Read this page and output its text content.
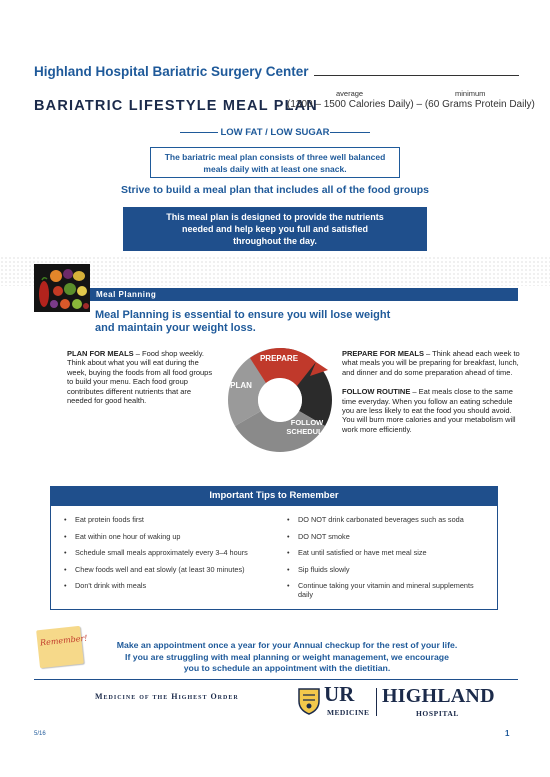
Highland Hospital Bariatric Surgery Center
average	minimum
BARIATRIC LIFESTYLE MEAL PLAN
(1300 – 1500 Calories Daily) – (60 Grams Protein Daily)
LOW FAT / LOW SUGAR
The bariatric meal plan consists of three well balanced
meals daily with at least one snack.
Strive to build a meal plan that includes all of the food groups
This meal plan is designed to provide the nutrients
needed and help keep you full and satisfied
throughout the day.
Meal Planning
Meal Planning is essential to ensure you will lose weight
and maintain your weight loss.
PLAN FOR MEALS – Food shop weekly. Think about what you will eat during the week, buying the foods from all food groups to build your menu. Each food group contributes different nutrients that are needed for good health.
PREPARE
PLAN
FOLLOW
SCHEDULE
PREPARE FOR MEALS – Think ahead each week to what meals you will be preparing for breakfast, lunch, and dinner and do some preparation ahead of time.
FOLLOW ROUTINE – Eat meals close to the same time everyday. When you follow an eating schedule you are less likely to eat the food you should avoid. You will burn more calories and your metabolism will work more efficiently.
Important Tips to Remember
• Eat protein foods first
• Eat within one hour of waking up
• Schedule small meals approximately every 3–4 hours
• Chew foods well and eat slowly (at least 30 minutes)
• Don't drink with meals
• DO NOT drink carbonated beverages such as soda
• DO NOT smoke
• Eat until satisfied or have met meal size
• Sip fluids slowly
• Continue taking your vitamin and mineral supplements daily
Remember!	Make an appointment once a year for your Annual checkup for the rest of your life.
If you are struggling with meal planning or weight management, we encourage
you to schedule an appointment with the dietitian.
Medicine of the Highest Order	UR
MEDICINE
HIGHLAND
HOSPITAL
5/16	1
